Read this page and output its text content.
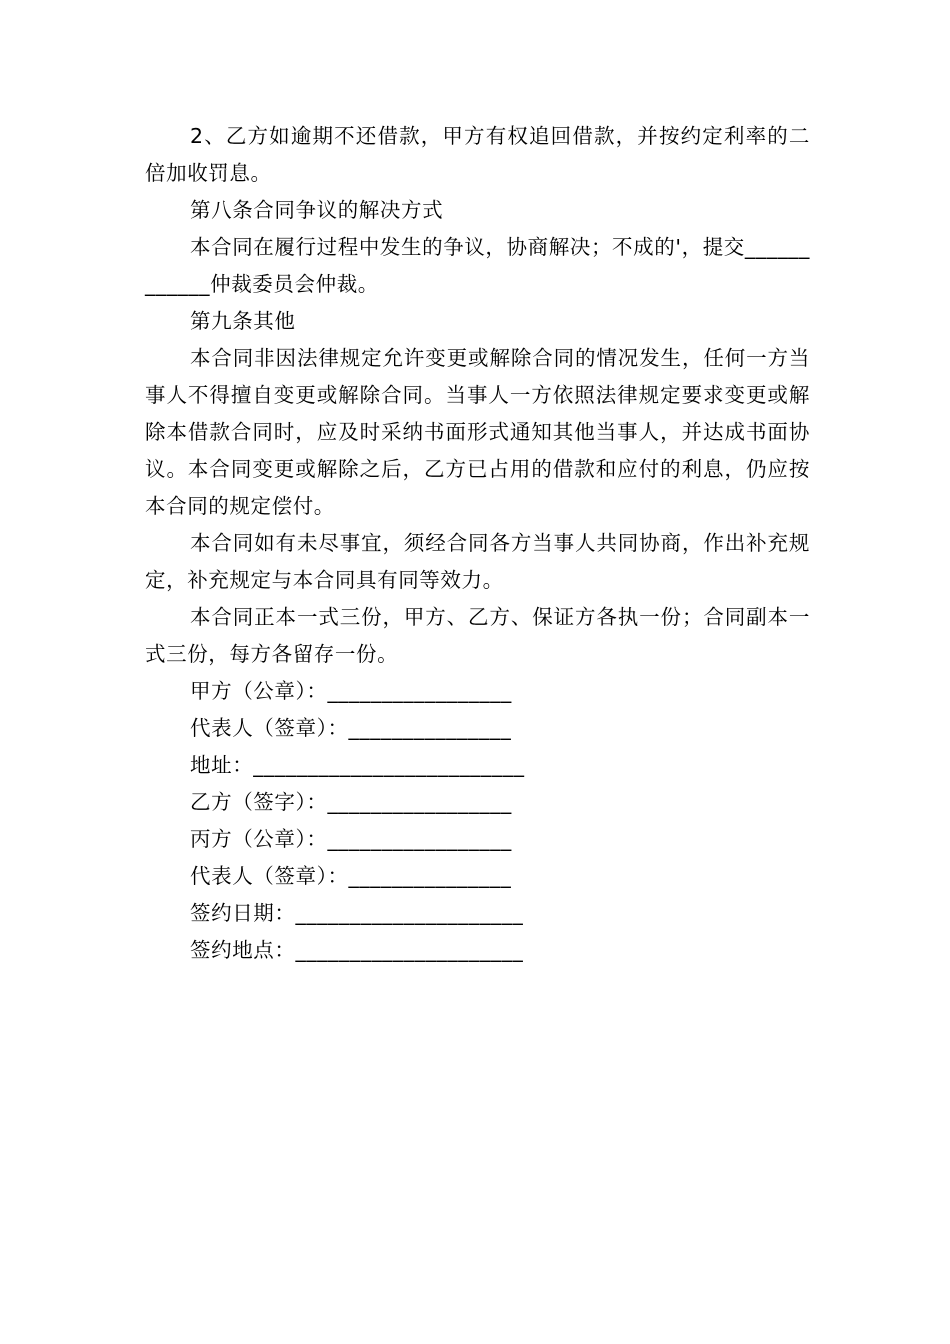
2、乙方如逾期不还借款，甲方有权追回借款，并按约定利率的二倍加收罚息。

第八条合同争议的解决方式

本合同在履行过程中发生的争议，协商解决；不成的'，提交____________仲裁委员会仲裁。

第九条其他

本合同非因法律规定允许变更或解除合同的情况发生，任何一方当事人不得擅自变更或解除合同。当事人一方依照法律规定要求变更或解除本借款合同时，应及时采纳书面形式通知其他当事人，并达成书面协议。本合同变更或解除之后，乙方已占用的借款和应付的利息，仍应按本合同的规定偿付。

本合同如有未尽事宜，须经合同各方当事人共同协商，作出补充规定，补充规定与本合同具有同等效力。

本合同正本一式三份，甲方、乙方、保证方各执一份；合同副本一式三份，每方各留存一份。

甲方（公章）：_________________

代表人（签章）：_______________

地址：_________________________

乙方（签字）：_________________

丙方（公章）：_________________

代表人（签章）：_______________

签约日期：_____________________

签约地点：_____________________
